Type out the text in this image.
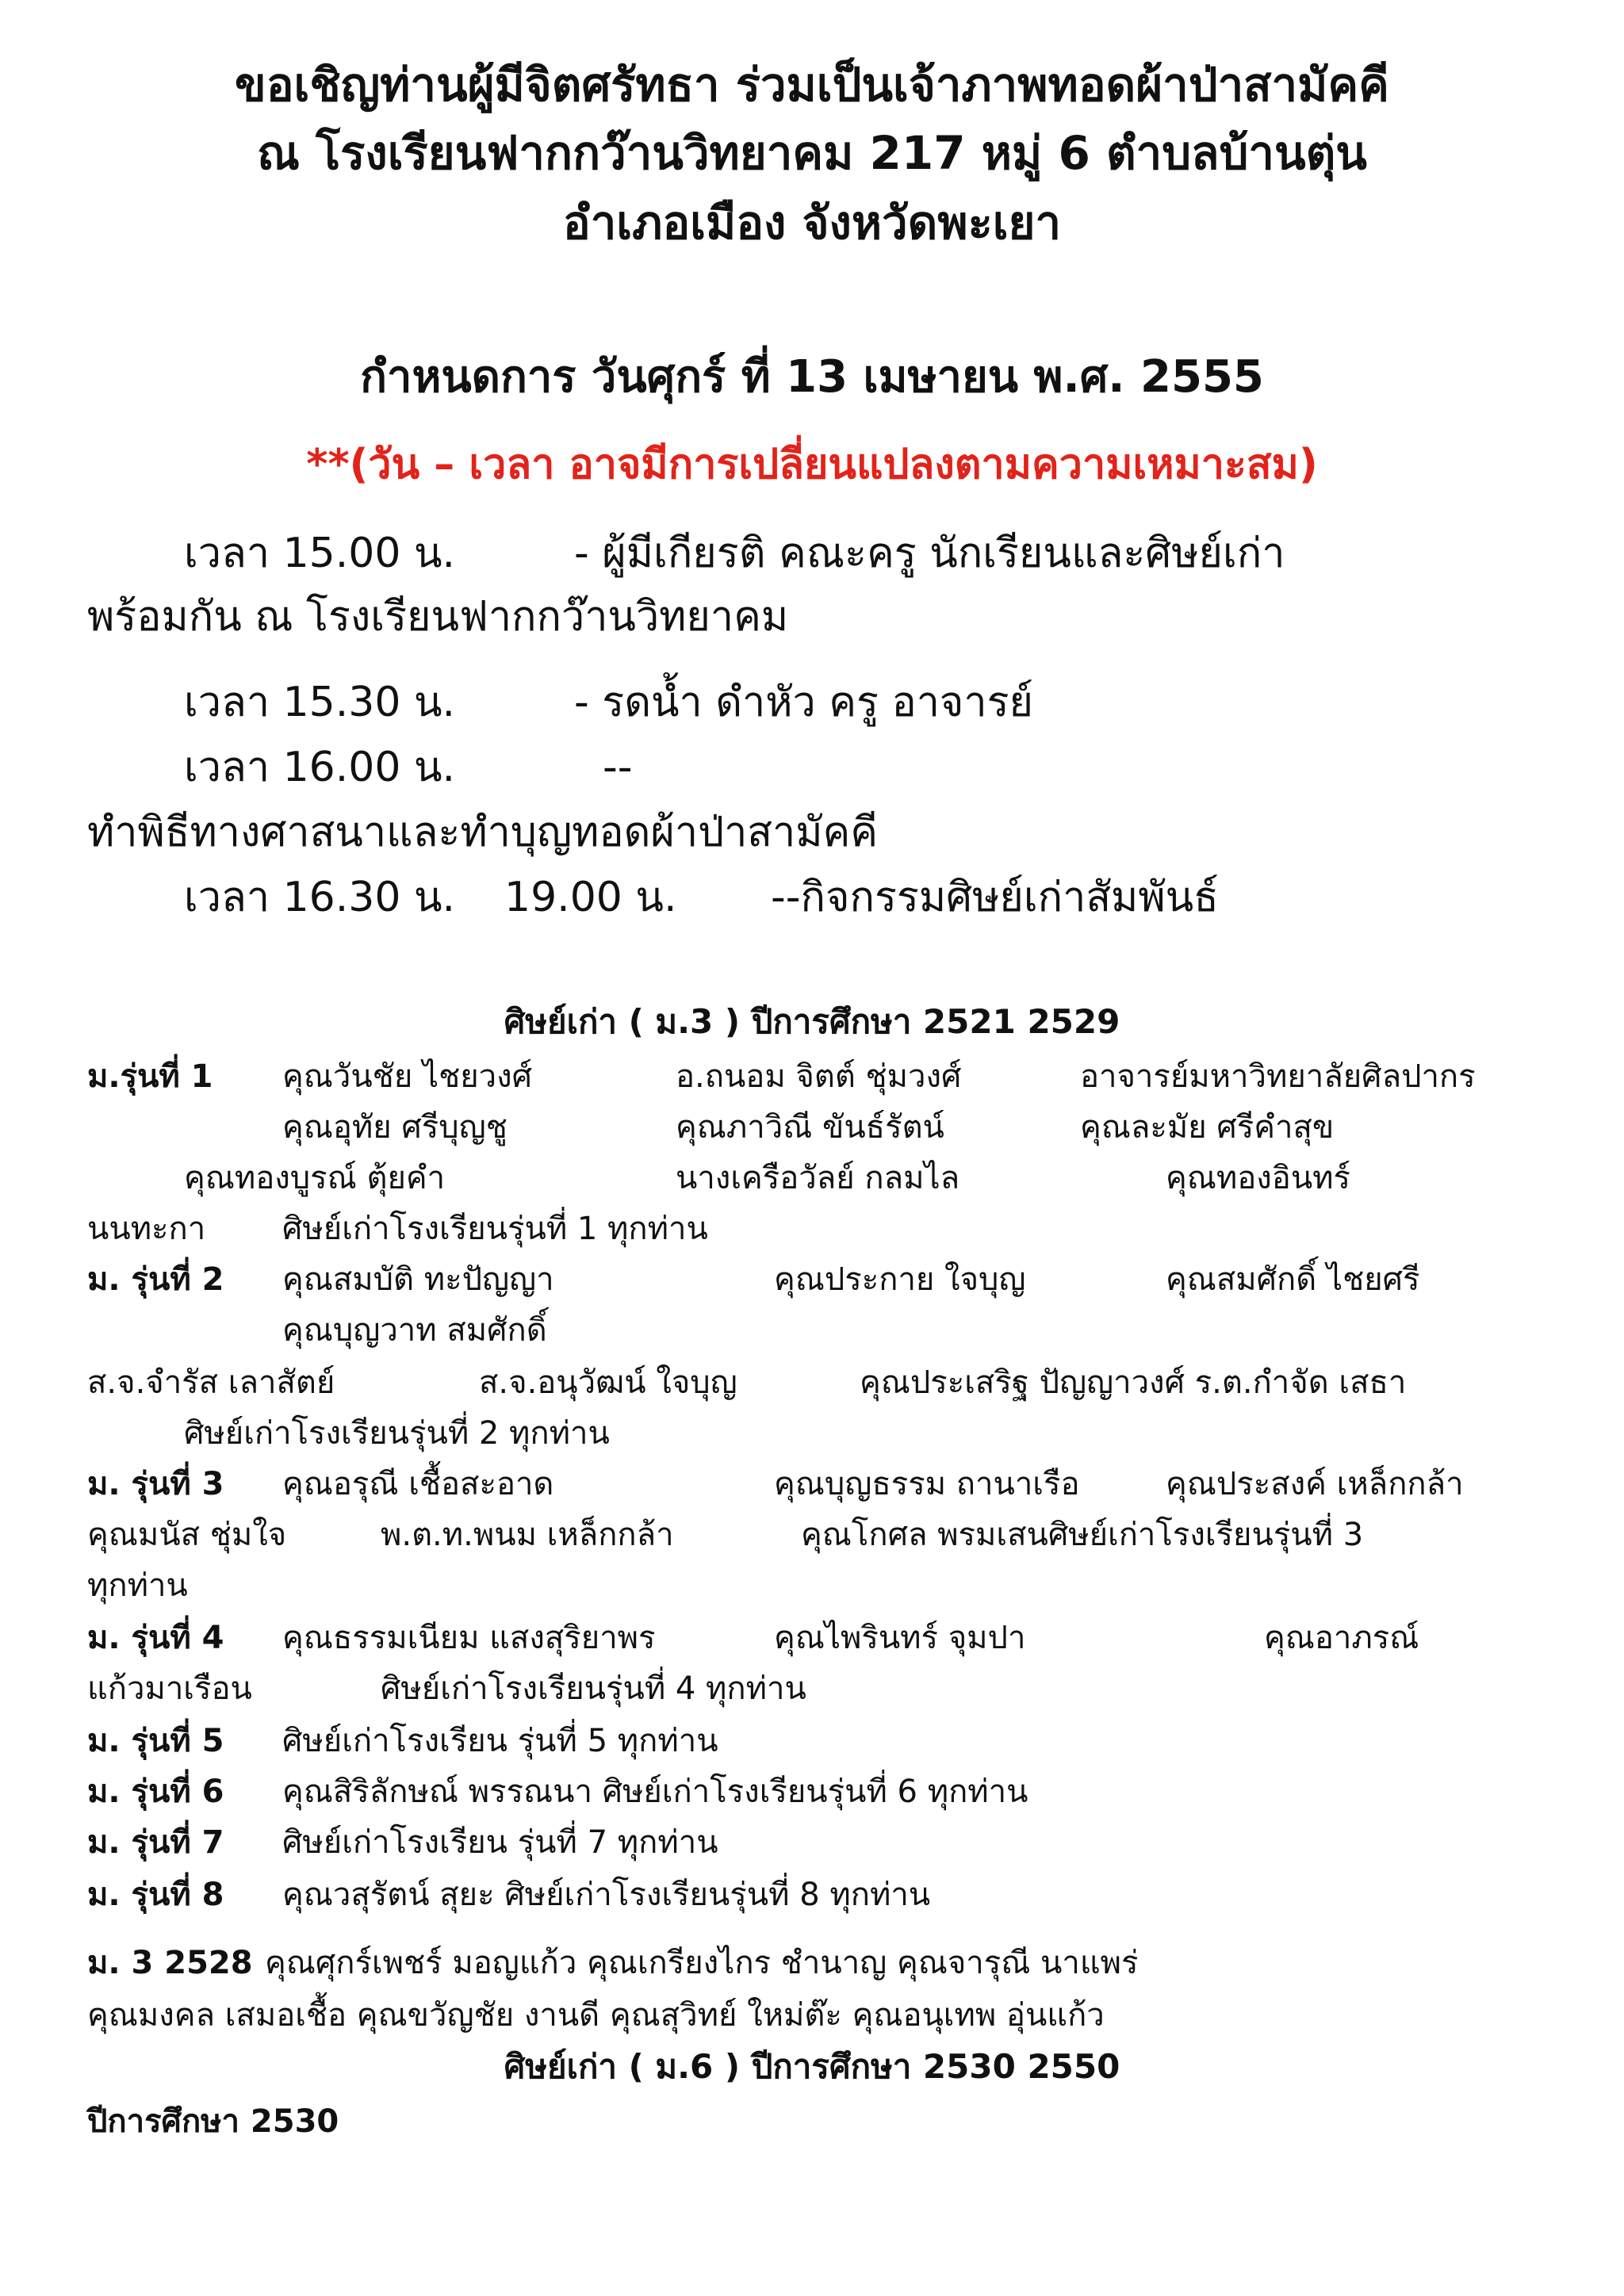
ขอเชิญท่านผู้มีจิตศรัทธา ร่วมเป็นเจ้าภาพทอดผ้าป่าสามัคคี
ณ โรงเรียนฟากกว๊านวิทยาคม 217 หมู่ 6 ตำบลบ้านตุ่น
อำเภอเมือง จังหวัดพะเยา
กำหนดการ วันศุกร์ ที่ 13 เมษายน พ.ศ. 2555
**(วัน – เวลา อาจมีการเปลี่ยนแปลงตามความเหมาะสม)
เวลา 15.00 น.	- ผู้มีเกียรติ คณะครู นักเรียนและศิษย์เก่า
พร้อมกัน ณ โรงเรียนฟากกว๊านวิทยาคม
เวลา 15.30 น.	- รดน้ำ ดำหัว ครู อาจารย์
เวลา 16.00 น.	--
ทำพิธีทางศาสนาและทำบุญทอดผ้าป่าสามัคคี
เวลา 16.30 น. 19.00 น. --กิจกรรมศิษย์เก่าสัมพันธ์
ศิษย์เก่า ( ม.3 ) ปีการศึกษา 2521 2529
ม.รุ่นที่ 1 คุณวันชัย ไชยวงศ์	อ.ถนอม จิตต์ ชุ่มวงศ์	อาจารย์มหาวิทยาลัยศิลปากร
คุณอุทัย ศรีบุญชู	คุณภาวิณี ขันธ์รัตน์	คุณละมัย ศรีคำสุข
คุณทองบูรณ์ ตุ้ยคำ	นางเครือวัลย์ กลมไล	คุณทองอินทร์
นนทะกา ศิษย์เก่าโรงเรียนรุ่นที่ 1 ทุกท่าน
ม. รุ่นที่ 2 คุณสมบัติ ทะปัญญา	คุณประกาย ใจบุญ	คุณสมศักดิ์ ไชยศรี
คุณบุญวาท สมศักดิ์
ส.จ.จำรัส เลาสัตย์	ส.จ.อนุวัฒน์ ใจบุญ	คุณประเสริฐ ปัญญาวงศ์ ร.ต.กำจัด เสธา
ศิษย์เก่าโรงเรียนรุ่นที่ 2 ทุกท่าน
ม. รุ่นที่ 3 คุณอรุณี เชื้อสะอาด	คุณบุญธรรม ถานาเรือ	คุณประสงค์ เหล็กกล้า
คุณมนัส ชุ่มใจ	พ.ต.ท.พนม เหล็กกล้า	คุณโกศล พรมเสนศิษย์เก่าโรงเรียนรุ่นที่ 3
ทุกท่าน
ม. รุ่นที่ 4 คุณธรรมเนียม แสงสุริยาพร	คุณไพรินทร์ จุมปา	คุณอาภรณ์
แก้วมาเรือน	ศิษย์เก่าโรงเรียนรุ่นที่ 4 ทุกท่าน
ม. รุ่นที่ 5 ศิษย์เก่าโรงเรียน รุ่นที่ 5 ทุกท่าน
ม. รุ่นที่ 6 คุณสิริลักษณ์ พรรณนา ศิษย์เก่าโรงเรียนรุ่นที่ 6 ทุกท่าน
ม. รุ่นที่ 7 ศิษย์เก่าโรงเรียน รุ่นที่ 7 ทุกท่าน
ม. รุ่นที่ 8 คุณวสุรัตน์ สุยะ ศิษย์เก่าโรงเรียนรุ่นที่ 8 ทุกท่าน
ม. 3 2528 คุณศุกร์เพชร์ มอญแก้ว คุณเกรียงไกร ชำนาญ คุณจารุณี นาแพร่
คุณมงคล เสมอเชื้อ คุณขวัญชัย งานดี คุณสุวิทย์ ใหม่ต๊ะ คุณอนุเทพ อุ่นแก้ว
ศิษย์เก่า ( ม.6 ) ปีการศึกษา 2530 2550
ปีการศึกษา 2530
